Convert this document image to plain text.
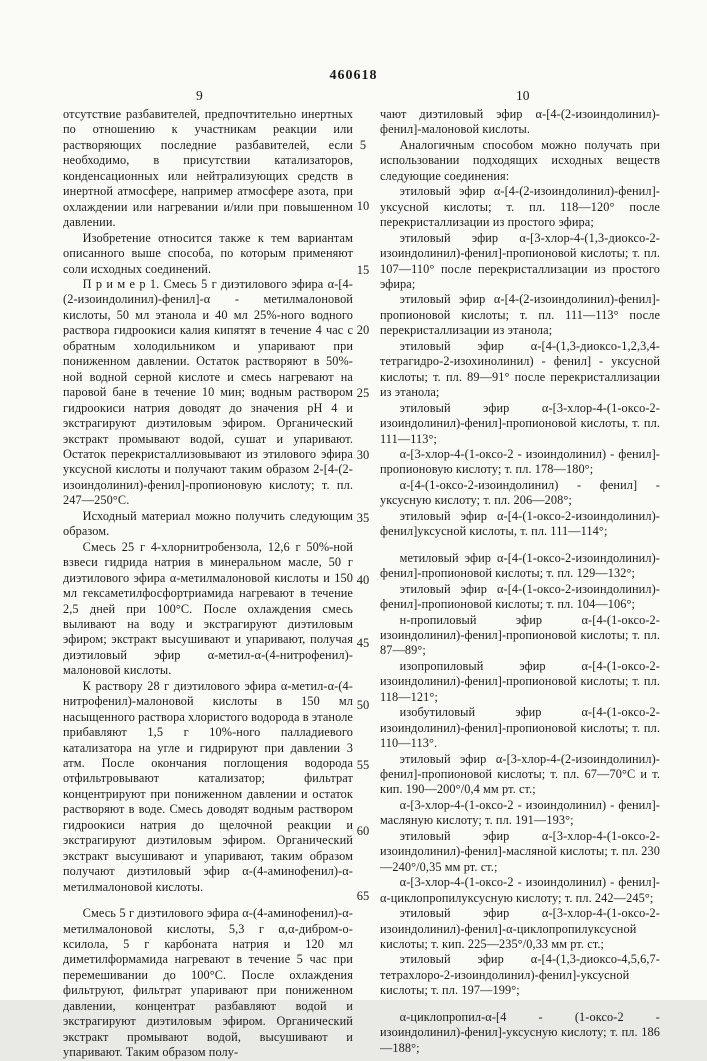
460618
9	10
5
10
15
20
25
30
35
40
45
50
55
60
65

отсутствие разбавителей, предпочтительно инертных по отношению к участникам реакции или растворяющих последние разбавителей, если необходимо, в присутствии катализаторов, конденсационных или нейтрализующих средств в инертной атмосфере, например атмосфере азота, при охлаждении или нагревании и/или при повышенном давлении.

Изобретение относится также к тем вариантам описанного выше способа, по которым применяют соли исходных соединений.

П р и м е р 1. Смесь 5 г диэтилового эфира α-[4-(2-изоиндолинил)-фенил]-α - метилмалоновой кислоты, 50 мл этанола и 40 мл 25%-ного водного раствора гидроокиси калия кипятят в течение 4 час с обратным холодильником и упаривают при пониженном давлении. Остаток растворяют в 50%-ной водной серной кислоте и смесь нагревают на паровой бане в течение 10 мин; водным раствором гидроокиси натрия доводят до значения pH 4 и экстрагируют диэтиловым эфиром. Органический экстракт промывают водой, сушат и упаривают. Остаток перекристаллизовывают из этилового эфира уксусной кислоты и получают таким образом 2-[4-(2-изоиндолинил)-фенил]-пропионовую кислоту; т. пл. 247—250°С.

Исходный материал можно получить следующим образом.

Смесь 25 г 4-хлорнитробензола, 12,6 г 50%-ной взвеси гидрида натрия в минеральном масле, 50 г диэтилового эфира α-метилмалоновой кислоты и 150 мл гексаметилфосфортриамида нагревают в течение 2,5 дней при 100°С. После охлаждения смесь выливают на воду и экстрагируют диэтиловым эфиром; экстракт высушивают и упаривают, получая диэтиловый эфир α-метил-α-(4-нитрофенил)-малоновой кислоты.

К раствору 28 г диэтилового эфира α-метил-α-(4-нитрофенил)-малоновой кислоты в 150 мл насыщенного раствора хлористого водорода в этаноле прибавляют 1,5 г 10%-ного палладиевого катализатора на угле и гидрируют при давлении 3 атм. После окончания поглощения водорода отфильтровывают катализатор; фильтрат концентрируют при пониженном давлении и остаток растворяют в воде. Смесь доводят водным раствором гидроокиси натрия до щелочной реакции и экстрагируют диэтиловым эфиром. Органический экстракт высушивают и упаривают, таким образом получают диэтиловый эфир α-(4-аминофенил)-α-метилмалоновой кислоты.

Смесь 5 г диэтилового эфира α-(4-аминофенил)-α-метилмалоновой кислоты, 5,3 г α,α-дибром-о-ксилола, 5 г карбоната натрия и 120 мл диметилформамида нагревают в течение 5 час при перемешивании до 100°С. После охлаждения фильтруют, фильтрат упаривают при пониженном давлении, концентрат разбавляют водой и экстрагируют диэтиловым эфиром. Органический экстракт промывают водой, высушивают и упаривают. Таким образом полу-

чают диэтиловый эфир α-[4-(2-изоиндолинил)-фенил]-малоновой кислоты.

Аналогичным способом можно получать при использовании подходящих исходных веществ следующие соединения:

этиловый эфир α-[4-(2-изоиндолинил)-фенил]-уксусной кислоты; т. пл. 118—120° после перекристаллизации из простого эфира;

этиловый эфир α-[3-хлор-4-(1,3-диоксо-2-изоиндолинил)-фенил]-пропионовой кислоты; т. пл. 107—110° после перекристаллизации из простого эфира;

этиловый эфир α-[4-(2-изоиндолинил)-фенил]-пропионовой кислоты; т. пл. 111—113° после перекристаллизации из этанола;

этиловый эфир α-[4-(1,3-диоксо-1,2,3,4-тетрагидро-2-изохинолинил) - фенил] - уксусной кислоты; т. пл. 89—91° после перекристаллизации из этанола;

этиловый эфир α-[3-хлор-4-(1-оксо-2-изоиндолинил)-фенил]-пропионовой кислоты, т. пл. 111—113°;

α-[3-хлор-4-(1-оксо-2 - изоиндолинил) - фенил]-пропионовую кислоту; т. пл. 178—180°;

α-[4-(1-оксо-2-изоиндолинил) - фенил] - уксусную кислоту; т. пл. 206—208°;

этиловый эфир α-[4-(1-оксо-2-изоиндолинил)-фенил]уксусной кислоты, т. пл. 111—114°;

метиловый эфир α-[4-(1-оксо-2-изоиндолинил)-фенил]-пропионовой кислоты; т. пл. 129—132°;

этиловый эфир α-[4-(1-оксо-2-изоиндолинил)-фенил]-пропионовой кислоты; т. пл. 104—106°;

н-пропиловый эфир α-[4-(1-оксо-2-изоиндолинил)-фенил]-пропионовой кислоты; т. пл. 87—89°;

изопропиловый эфир α-[4-(1-оксо-2-изоиндолинил)-фенил]-пропионовой кислоты; т. пл. 118—121°;

изобутиловый эфир α-[4-(1-оксо-2-изоиндолинил)-фенил]-пропионовой кислоты; т. пл. 110—113°.

этиловый эфир α-[3-хлор-4-(2-изоиндолинил)-фенил]-пропионовой кислоты; т. пл. 67—70°С и т. кип. 190—200°/0,4 мм рт. ст.;

α-[3-хлор-4-(1-оксо-2 - изоиндолинил) - фенил]-масляную кислоту; т. пл. 191—193°;

этиловый эфир α-[3-хлор-4-(1-оксо-2-изоиндолинил)-фенил]-масляной кислоты; т. пл. 230—240°/0,35 мм рт. ст.;

α-[3-хлор-4-(1-оксо-2 - изоиндолинил) - фенил]-α-циклопропилуксусную кислоту; т. пл. 242—245°;

этиловый эфир α-[3-хлор-4-(1-оксо-2-изоиндолинил)-фенил]-α-циклопропилуксусной кислоты; т. кип. 225—235°/0,33 мм рт. ст.;

этиловый эфир α-[4-(1,3-диоксо-4,5,6,7-тетрахлоро-2-изоиндолинил)-фенил]-уксусной кислоты; т. пл. 197—199°;

α-циклопропил-α-[4 - (1-оксо-2 - изоиндолинил)-фенил]-уксусную кислоту; т. пл. 186—188°;
